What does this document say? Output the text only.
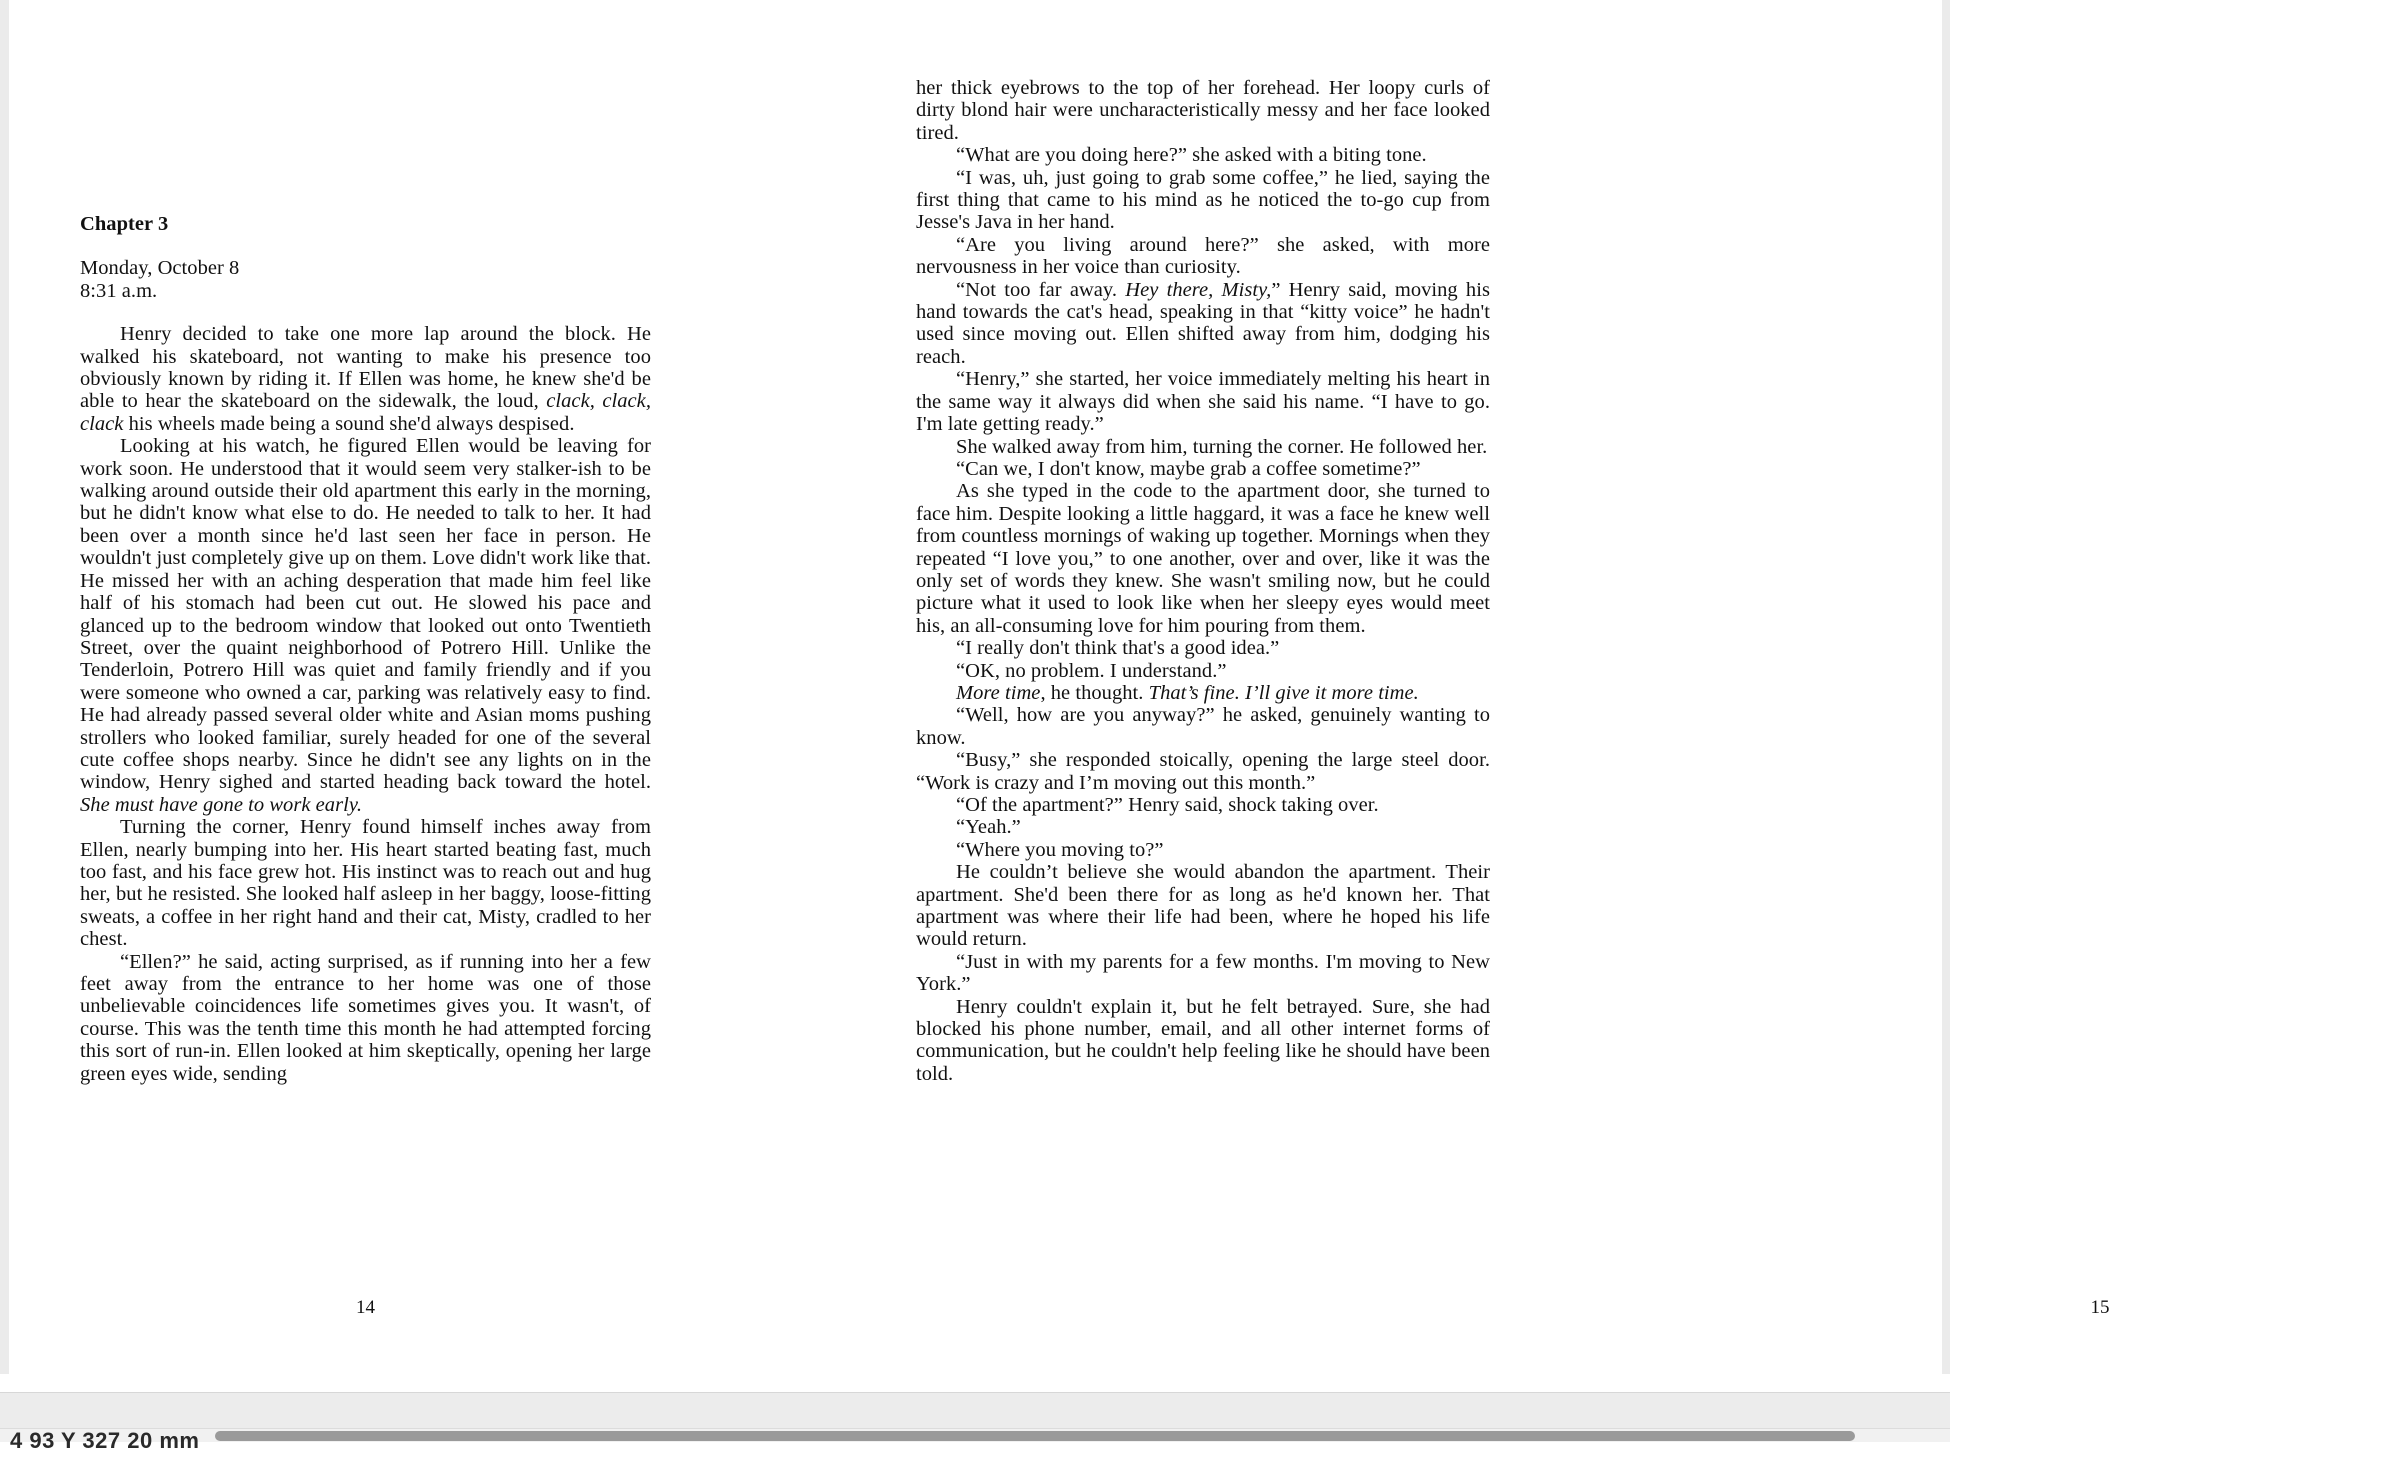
Chapter 3
Monday, October 8
8:31 a.m.

Henry decided to take one more lap around the block. He walked his skateboard, not wanting to make his presence too obviously known by riding it. If Ellen was home, he knew she'd be able to hear the skateboard on the sidewalk, the loud, clack, clack, clack his wheels made being a sound she'd always despised.

Looking at his watch, he figured Ellen would be leaving for work soon. He understood that it would seem very stalker-ish to be walking around outside their old apartment this early in the morning, but he didn't know what else to do. He needed to talk to her. It had been over a month since he'd last seen her face in person. He wouldn't just completely give up on them. Love didn't work like that. He missed her with an aching desperation that made him feel like half of his stomach had been cut out. He slowed his pace and glanced up to the bedroom window that looked out onto Twentieth Street, over the quaint neighborhood of Potrero Hill. Unlike the Tenderloin, Potrero Hill was quiet and family friendly and if you were someone who owned a car, parking was relatively easy to find. He had already passed several older white and Asian moms pushing strollers who looked familiar, surely headed for one of the several cute coffee shops nearby. Since he didn't see any lights on in the window, Henry sighed and started heading back toward the hotel. She must have gone to work early.

Turning the corner, Henry found himself inches away from Ellen, nearly bumping into her. His heart started beating fast, much too fast, and his face grew hot. His instinct was to reach out and hug her, but he resisted. She looked half asleep in her baggy, loose-fitting sweats, a coffee in her right hand and their cat, Misty, cradled to her chest.

“Ellen?” he said, acting surprised, as if running into her a few feet away from the entrance to her home was one of those unbelievable coincidences life sometimes gives you. It wasn't, of course. This was the tenth time this month he had attempted forcing this sort of run-in. Ellen looked at him skeptically, opening her large green eyes wide, sending

14

her thick eyebrows to the top of her forehead. Her loopy curls of dirty blond hair were uncharacteristically messy and her face looked tired.

“What are you doing here?” she asked with a biting tone.

“I was, uh, just going to grab some coffee,” he lied, saying the first thing that came to his mind as he noticed the to-go cup from Jesse's Java in her hand.

“Are you living around here?” she asked, with more nervousness in her voice than curiosity.

“Not too far away. Hey there, Misty,” Henry said, moving his hand towards the cat's head, speaking in that “kitty voice” he hadn't used since moving out. Ellen shifted away from him, dodging his reach.

“Henry,” she started, her voice immediately melting his heart in the same way it always did when she said his name. “I have to go. I'm late getting ready.”

She walked away from him, turning the corner. He followed her.

“Can we, I don't know, maybe grab a coffee sometime?”

As she typed in the code to the apartment door, she turned to face him. Despite looking a little haggard, it was a face he knew well from countless mornings of waking up together. Mornings when they repeated “I love you,” to one another, over and over, like it was the only set of words they knew. She wasn't smiling now, but he could picture what it used to look like when her sleepy eyes would meet his, an all-consuming love for him pouring from them.

“I really don't think that's a good idea.”

“OK, no problem. I understand.”

More time, he thought. That’s fine. I’ll give it more time.

“Well, how are you anyway?” he asked, genuinely wanting to know.

“Busy,” she responded stoically, opening the large steel door. “Work is crazy and I’m moving out this month.”

“Of the apartment?” Henry said, shock taking over.

“Yeah.”

“Where you moving to?”

He couldn’t believe she would abandon the apartment. Their apartment. She'd been there for as long as he'd known her. That apartment was where their life had been, where he hoped his life would return.

“Just in with my parents for a few months. I'm moving to New York.”

Henry couldn't explain it, but he felt betrayed. Sure, she had blocked his phone number, email, and all other internet forms of communication, but he couldn't help feeling like he should have been told.

15
4 93 Y 327 20 mm
